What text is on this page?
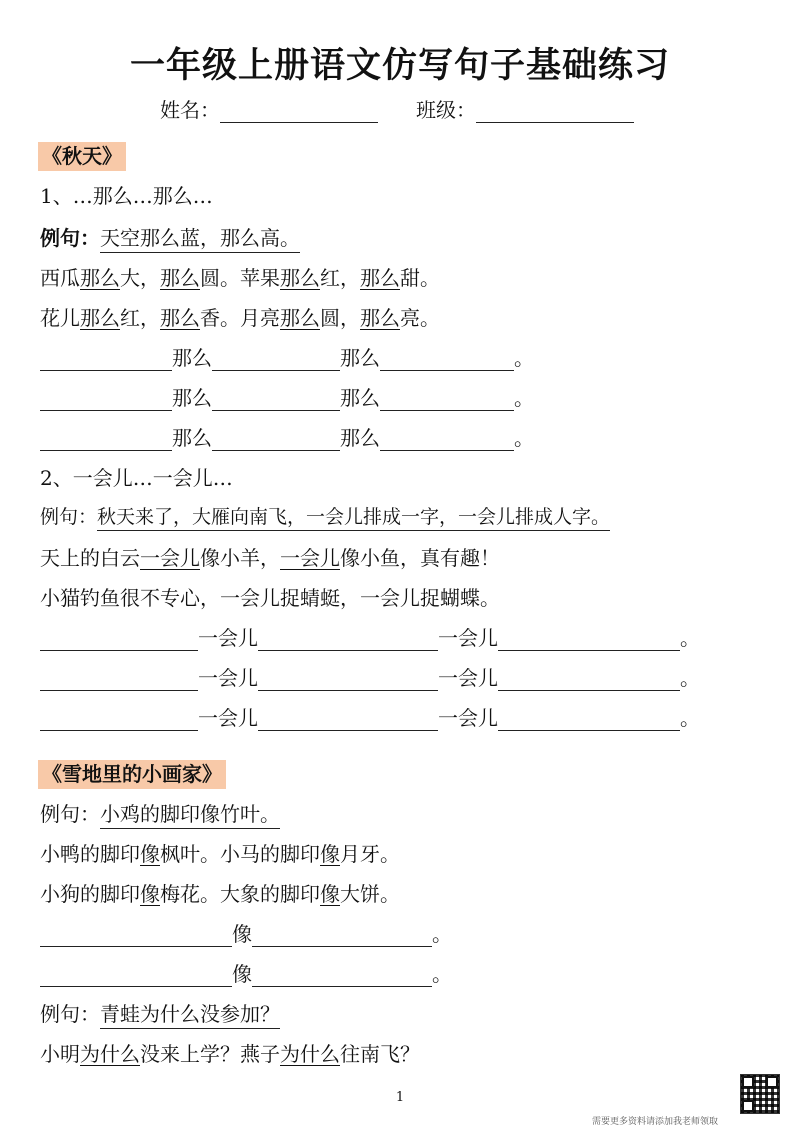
一年级上册语文仿写句子基础练习
姓名：	班级：
《秋天》
1、…那么…那么…
例句：天空那么蓝，那么高。
西瓜那么大，那么圆。苹果那么红，那么甜。
花儿那么红，那么香。月亮那么圆，那么亮。
那么	那么	。
那么	那么	。
那么	那么	。
2、一会儿…一会儿…
例句：秋天来了，大雁向南飞，一会儿排成一字，一会儿排成人字。
天上的白云一会儿像小羊，一会儿像小鱼，真有趣！
小猫钓鱼很不专心，一会儿捉蜻蜓，一会儿捉蝴蝶。
一会儿	一会儿	。
一会儿	一会儿	。
一会儿	一会儿	。
《雪地里的小画家》
例句：小鸡的脚印像竹叶。
小鸭的脚印像枫叶。小马的脚印像月牙。
小狗的脚印像梅花。大象的脚印像大饼。
像	。
像	。
例句：青蛙为什么没参加？
小明为什么没来上学？燕子为什么往南飞？
1
需要更多资料请添加我老师领取
